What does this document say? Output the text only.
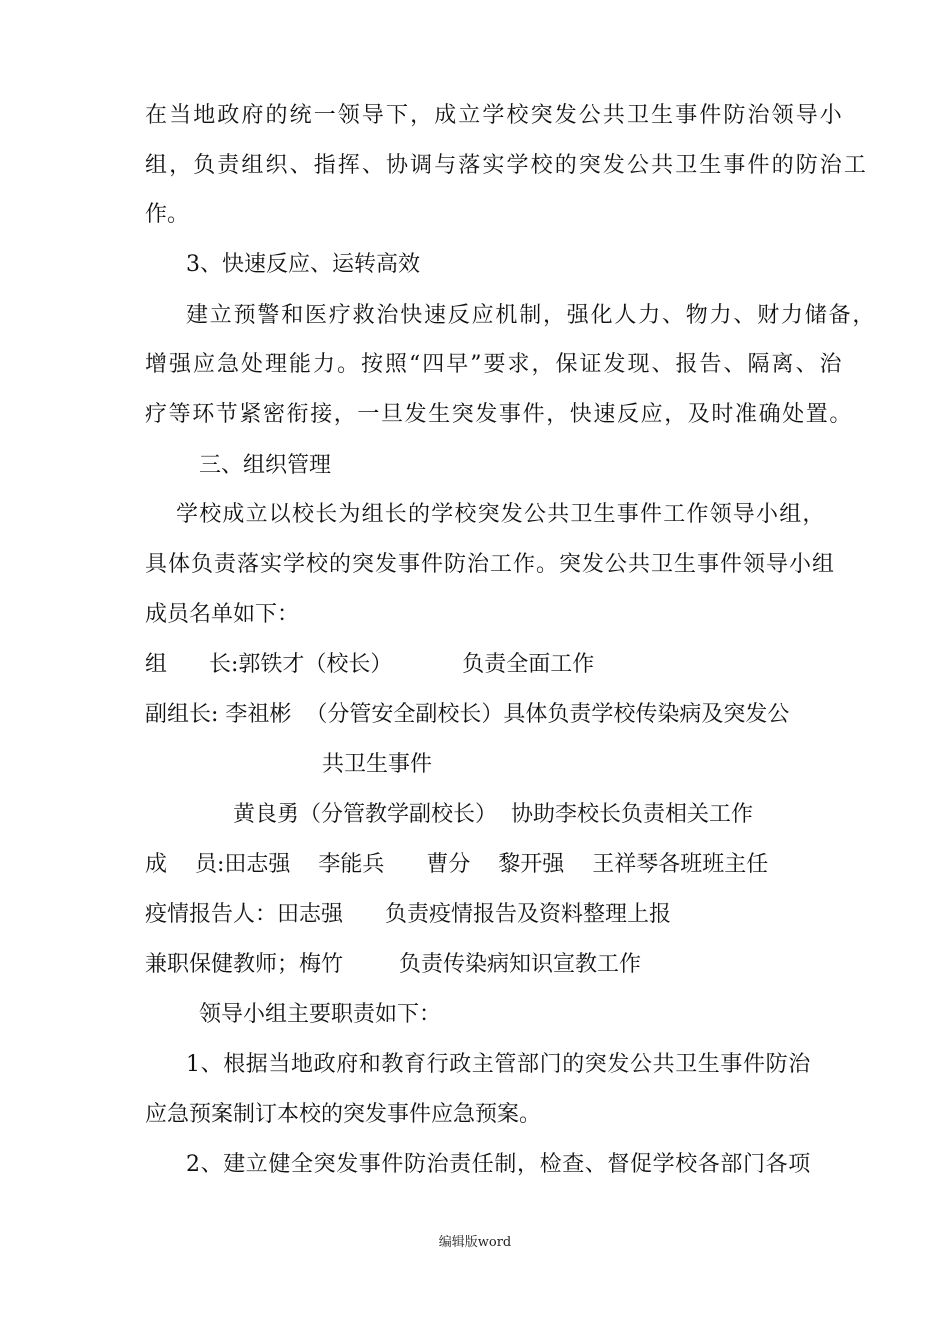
在当地政府的统一领导下，成立学校突发公共卫生事件防治领导小
组，负责组织、指挥、协调与落实学校的突发公共卫生事件的防治工
作。
3、快速反应、运转高效
建立预警和医疗救治快速反应机制，强化人力、物力、财力储备，
增强应急处理能力。按照“四早”要求，保证发现、报告、隔离、治
疗等环节紧密衔接，一旦发生突发事件，快速反应，及时准确处置。
三、组织管理
学校成立以校长为组长的学校突发公共卫生事件工作领导小组，
具体负责落实学校的突发事件防治工作。突发公共卫生事件领导小组
成员名单如下：
组      长:郭铁才（校长）          负责全面工作
副组长: 李祖彬  （分管安全副校长）具体负责学校传染病及突发公
共卫生事件
黄良勇（分管教学副校长）  协助李校长负责相关工作
成    员:田志强    李能兵      曹分    黎开强    王祥琴各班班主任
疫情报告人：田志强      负责疫情报告及资料整理上报
兼职保健教师；梅竹        负责传染病知识宣教工作
领导小组主要职责如下：
1、根据当地政府和教育行政主管部门的突发公共卫生事件防治
应急预案制订本校的突发事件应急预案。
2、建立健全突发事件防治责任制，检查、督促学校各部门各项
编辑版word
